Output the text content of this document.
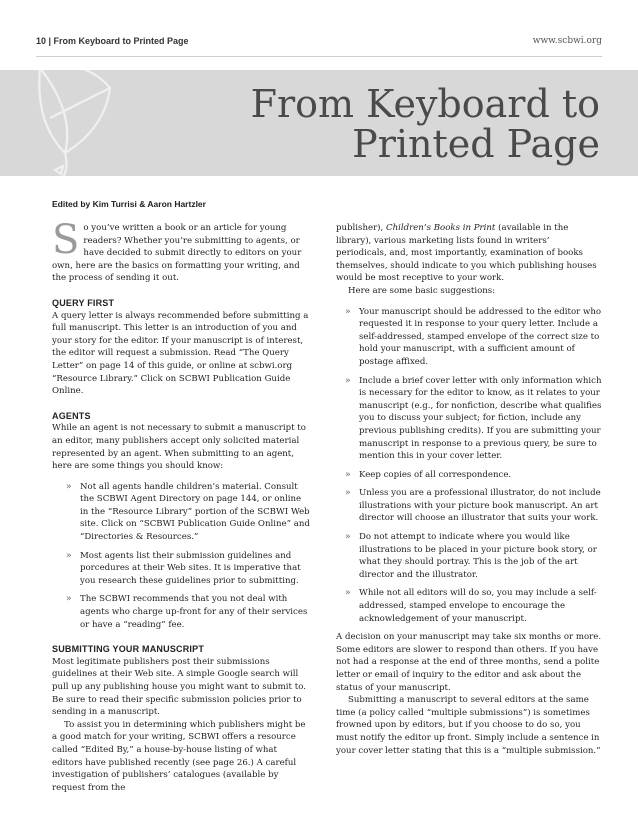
10 | From Keyboard to Printed Page	www.scbwi.org
From Keyboard to
Printed Page
Edited by Kim Turrisi & Aaron Hartzler

So you’ve written a book or an article for young readers? Whether you’re submitting to agents, or have decided to submit directly to editors on your own, here are the basics on formatting your writing, and the process of sending it out.

QUERY FIRST

A query letter is always recommended before submitting a full manuscript. This letter is an introduction of you and your story for the editor. If your manuscript is of interest, the editor will request a submission. Read “The Query Letter” on page 14 of this guide, or online at scbwi.org “Resource Library.” Click on SCBWI Publication Guide Online.

AGENTS

While an agent is not necessary to submit a manuscript to an editor, many publishers accept only solicited material represented by an agent. When submitting to an agent, here are some things you should know:

» Not all agents handle children’s material. Consult the SCBWI Agent Directory on page 144, or online in the “Resource Library” portion of the SCBWI Web site. Click on “SCBWI Publication Guide Online” and “Directories & Resources.”
» Most agents list their submission guidelines and porcedures at their Web sites. It is imperative that you research these guidelines prior to submitting.
» The SCBWI recommends that you not deal with agents who charge up-front for any of their services or have a “reading” fee.
SUBMITTING YOUR MANUSCRIPT

Most legitimate publishers post their submissions guidelines at their Web site. A simple Google search will pull up any publishing house you might want to submit to. Be sure to read their specific submission policies prior to sending in a manuscript.

To assist you in determining which publishers might be a good match for your writing, SCBWI offers a resource called “Edited By,” a house-by-house listing of what editors have published recently (see page 26.) A careful investigation of publishers’ catalogues (available by request from the

publisher), Children’s Books in Print (available in the library), various marketing lists found in writers’ periodicals, and, most importantly, examination of books themselves, should indicate to you which publishing houses would be most receptive to your work.

Here are some basic suggestions:

» Your manuscript should be addressed to the editor who requested it in response to your query letter. Include a self-addressed, stamped envelope of the correct size to hold your manuscript, with a sufficient amount of postage affixed.
» Include a brief cover letter with only information which is necessary for the editor to know, as it relates to your manuscript (e.g., for nonfiction, describe what qualifies you to discuss your subject; for fiction, include any previous publishing credits). If you are submitting your manuscript in response to a previous query, be sure to mention this in your cover letter.
» Keep copies of all correspondence.
» Unless you are a professional illustrator, do not include illustrations with your picture book manuscript. An art director will choose an illustrator that suits your work.
» Do not attempt to indicate where you would like illustrations to be placed in your picture book story, or what they should portray. This is the job of the art director and the illustrator.
» While not all editors will do so, you may include a self-addressed, stamped envelope to encourage the acknowledgement of your manuscript.

A decision on your manuscript may take six months or more. Some editors are slower to respond than others. If you have not had a response at the end of three months, send a polite letter or email of inquiry to the editor and ask about the status of your manuscript.

Submitting a manuscript to several editors at the same time (a policy called “multiple submissions”) is sometimes frowned upon by editors, but if you choose to do so, you must notify the editor up front. Simply include a sentence in your cover letter stating that this is a “multiple submission.”
